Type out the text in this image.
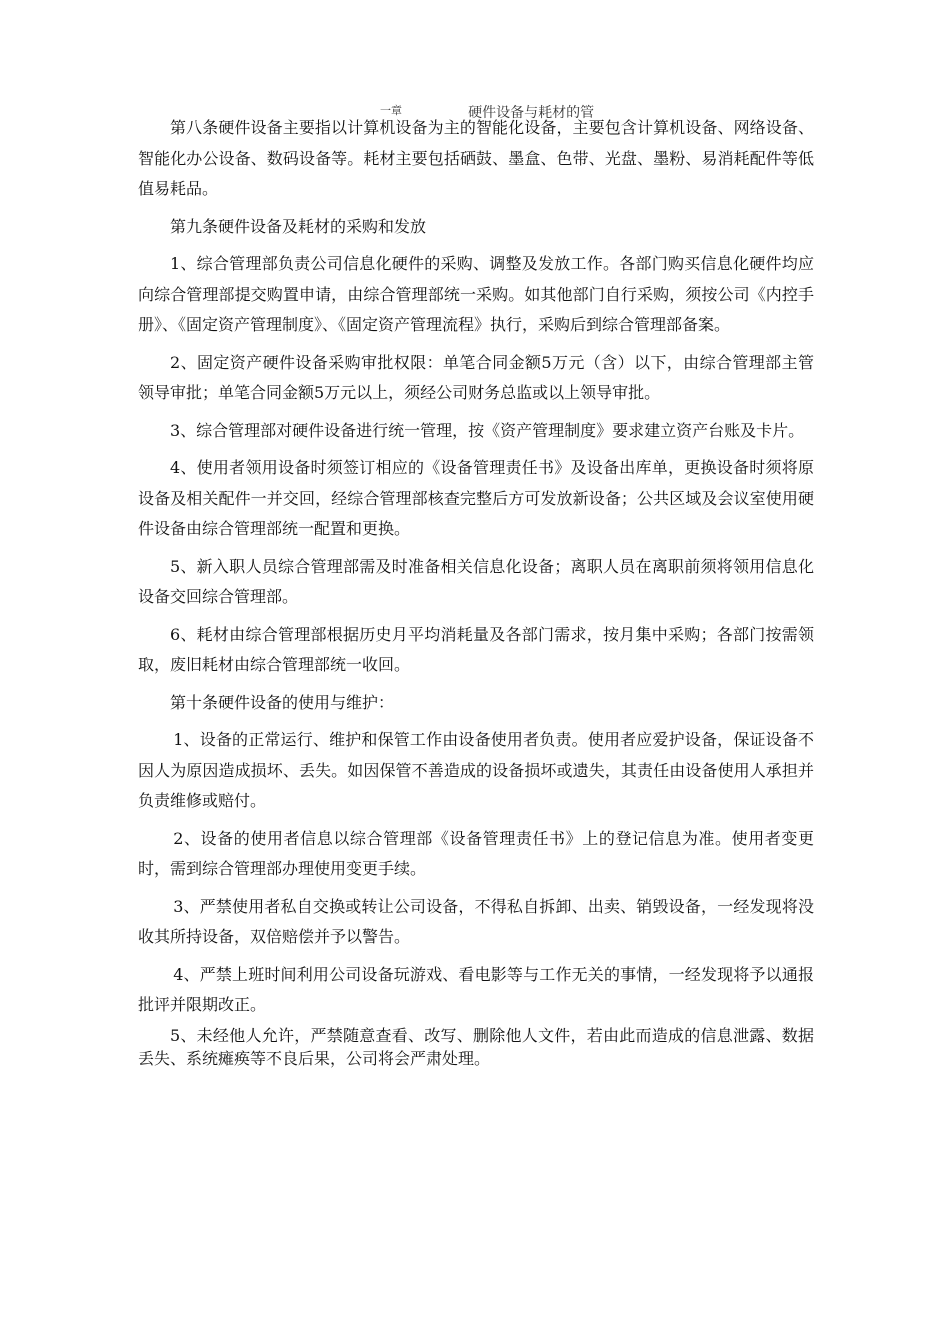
$^{一章}$	硬件设备与耗材的管

第八条硬件设备主要指以计算机设备为主的智能化设备，主要包含计算机设备、网络设备、智能化办公设备、数码设备等。耗材主要包括硒鼓、墨盒、色带、光盘、墨粉、易消耗配件等低值易耗品。

第九条硬件设备及耗材的采购和发放

1、综合管理部负责公司信息化硬件的采购、调整及发放工作。各部门购买信息化硬件均应向综合管理部提交购置申请，由综合管理部统一采购。如其他部门自行采购，须按公司《内控手册》、《固定资产管理制度》、《固定资产管理流程》执行，采购后到综合管理部备案。

2、固定资产硬件设备采购审批权限：单笔合同金额5万元（含）以下，由综合管理部主管领导审批；单笔合同金额5万元以上，须经公司财务总监或以上领导审批。

3、综合管理部对硬件设备进行统一管理，按《资产管理制度》要求建立资产台账及卡片。

4、使用者领用设备时须签订相应的《设备管理责任书》及设备出库单，更换设备时须将原设备及相关配件一并交回，经综合管理部核查完整后方可发放新设备；公共区域及会议室使用硬件设备由综合管理部统一配置和更换。

5、新入职人员综合管理部需及时准备相关信息化设备；离职人员在离职前须将领用信息化设备交回综合管理部。

6、耗材由综合管理部根据历史月平均消耗量及各部门需求，按月集中采购；各部门按需领取，废旧耗材由综合管理部统一收回。

第十条硬件设备的使用与维护：

1、设备的正常运行、维护和保管工作由设备使用者负责。使用者应爱护设备，保证设备不因人为原因造成损坏、丢失。如因保管不善造成的设备损坏或遗失，其责任由设备使用人承担并负责维修或赔付。

2、设备的使用者信息以综合管理部《设备管理责任书》上的登记信息为准。使用者变更时，需到综合管理部办理使用变更手续。

3、严禁使用者私自交换或转让公司设备，不得私自拆卸、出卖、销毁设备，一经发现将没收其所持设备，双倍赔偿并予以警告。

4、严禁上班时间利用公司设备玩游戏、看电影等与工作无关的事情，一经发现将予以通报批评并限期改正。

5、未经他人允许，严禁随意查看、改写、删除他人文件，若由此而造成的信息泄露、数据丢失、系统瘫痪等不良后果，公司将会严肃处理。
